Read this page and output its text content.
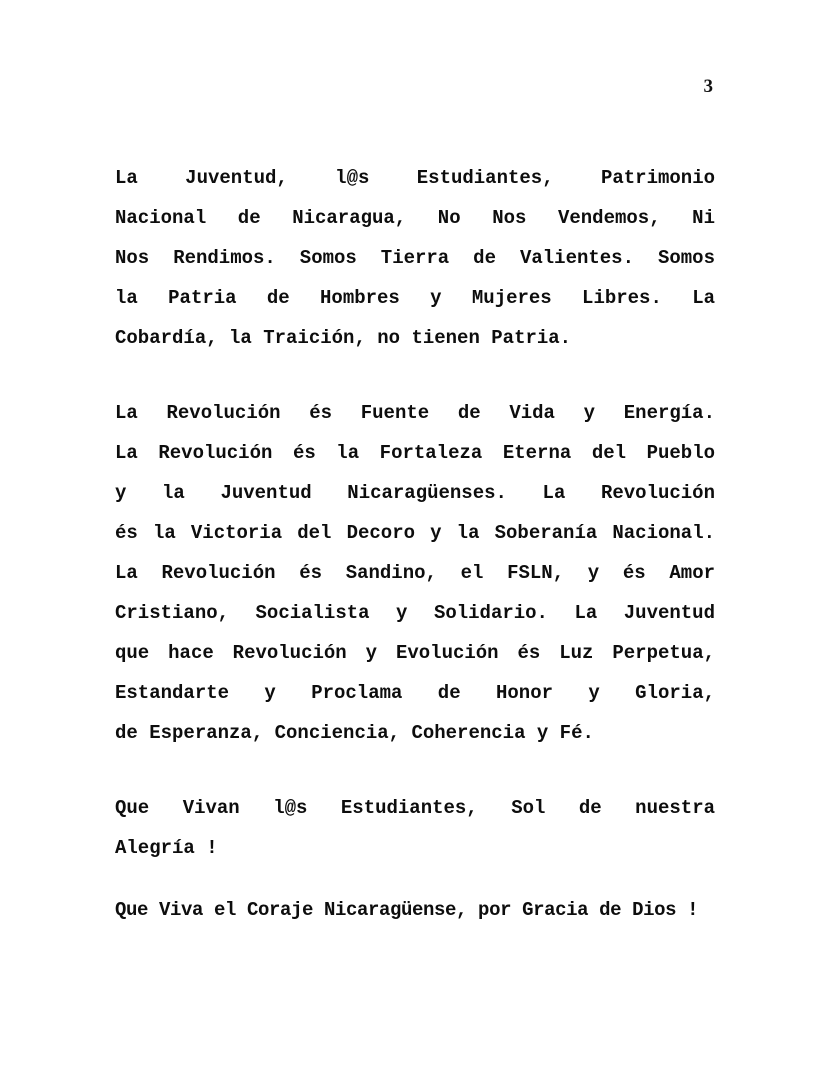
3
La Juventud, l@s Estudiantes, Patrimonio
Nacional de Nicaragua, No Nos Vendemos, Ni
Nos Rendimos. Somos Tierra de Valientes. Somos
la Patria de Hombres y Mujeres Libres. La
Cobardía, la Traición, no tienen Patria.
La Revolución és Fuente de Vida y Energía.
La Revolución és la Fortaleza Eterna del Pueblo
y la Juventud Nicaragüenses. La Revolución
és la Victoria del Decoro y la Soberanía Nacional.
La Revolución és Sandino, el FSLN, y és Amor
Cristiano, Socialista y Solidario. La Juventud
que hace Revolución y Evolución és Luz Perpetua,
Estandarte y Proclama de Honor y Gloria,
de Esperanza, Conciencia, Coherencia y Fé.
Que Vivan l@s Estudiantes, Sol de nuestra
Alegría !
Que Viva el Coraje Nicaragüense, por Gracia de Dios !
